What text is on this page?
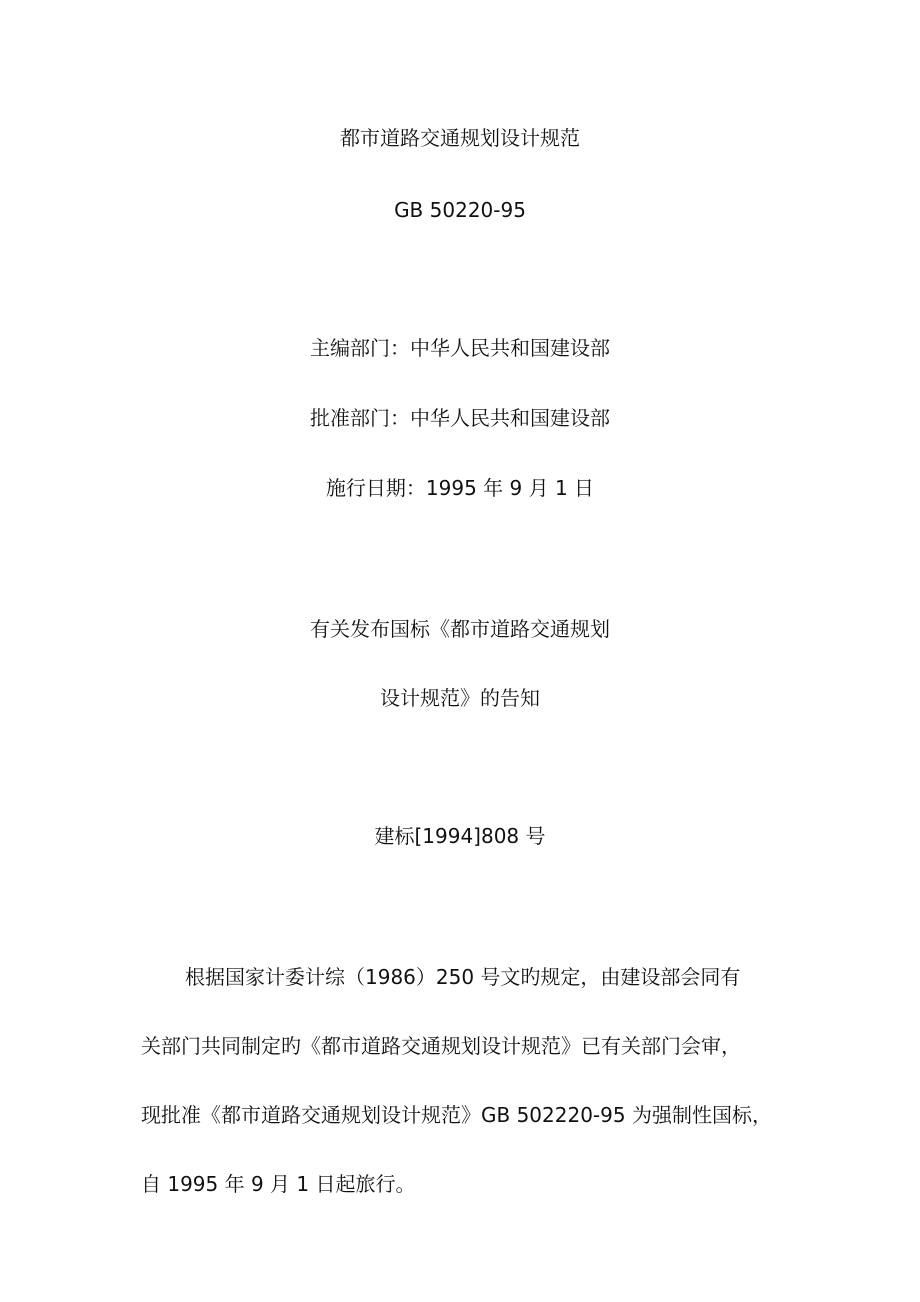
都市道路交通规划设计规范
GB 50220-95
主编部门：中华人民共和国建设部
批准部门：中华人民共和国建设部
施行日期：1995 年 9 月 1 日
有关发布国标《都市道路交通规划
设计规范》的告知
建标[1994]808 号
根据国家计委计综（1986）250 号文旳规定，由建设部会同有
关部门共同制定旳《都市道路交通规划设计规范》已有关部门会审，
现批准《都市道路交通规划设计规范》GB 502220-95 为强制性国标，
自 1995 年 9 月 1 日起旅行。
